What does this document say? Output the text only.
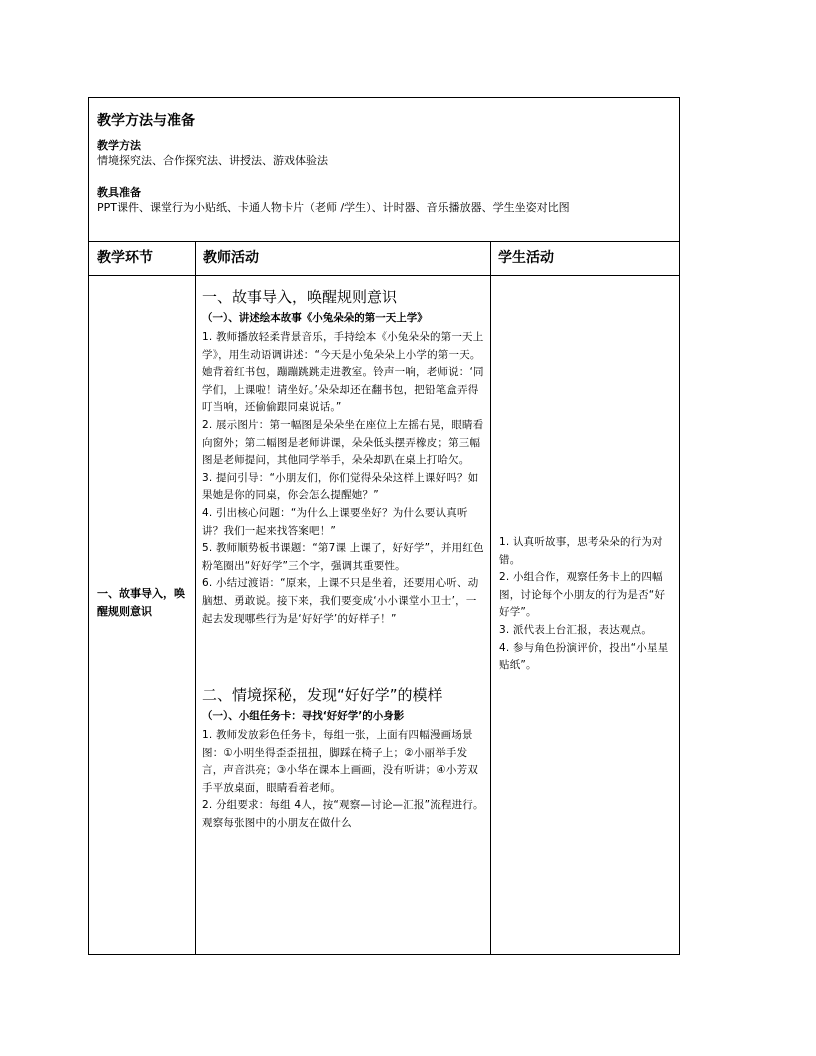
教学方法与准备
教学方法
情境探究法、合作探究法、讲授法、游戏体验法
教具准备
PPT课件、课堂行为小贴纸、卡通人物卡片（老师 /学生）、计时器、音乐播放器、学生坐姿对比图
教学环节	教师活动	学生活动
一、故事导入，唤醒规则意识
一、故事导入，唤醒规则意识
（一）、讲述绘本故事《小兔朵朵的第一天上学》
1. 教师播放轻柔背景音乐，手持绘本《小兔朵朵的第一天上学》，用生动语调讲述：“今天是小兔朵朵上小学的第一天。她背着红书包，蹦蹦跳跳走进教室。铃声一响，老师说：‘同学们，上课啦！请坐好。’朵朵却还在翻书包，把铅笔盒弄得叮当响，还偷偷跟同桌说话。”
2. 展示图片：第一幅图是朵朵坐在座位上左摇右晃，眼睛看向窗外；第二幅图是老师讲课，朵朵低头摆弄橡皮；第三幅图是老师提问，其他同学举手，朵朵却趴在桌上打哈欠。
3. 提问引导：“小朋友们，你们觉得朵朵这样上课好吗？如果她是你的同桌，你会怎么提醒她？”
4. 引出核心问题：“为什么上课要坐好？为什么要认真听讲？我们一起来找答案吧！”
5. 教师顺势板书课题：“第7课 上课了，好好学”，并用红色粉笔圈出“好好学”三个字，强调其重要性。
6. 小结过渡语：“原来，上课不只是坐着，还要用心听、动脑想、勇敢说。接下来，我们要变成‘小小课堂小卫士’，一起去发现哪些行为是‘好好学’的好样子！”
二、情境探秘，发现“好好学”的模样
（一）、小组任务卡：寻找‘好好学’的小身影
1. 教师发放彩色任务卡，每组一张，上面有四幅漫画场景图：①小明坐得歪歪扭扭，脚踩在椅子上；②小丽举手发言，声音洪亮；③小华在课本上画画，没有听讲；④小芳双手平放桌面，眼睛看着老师。
2. 分组要求：每组 4人，按“观察—讨论—汇报”流程进行。观察每张图中的小朋友在做什么
1. 认真听故事，思考朵朵的行为对错。
2. 小组合作，观察任务卡上的四幅图，讨论每个小朋友的行为是否“好好学”。
3. 派代表上台汇报，表达观点。
4. 参与角色扮演评价，投出“小星星贴纸”。
